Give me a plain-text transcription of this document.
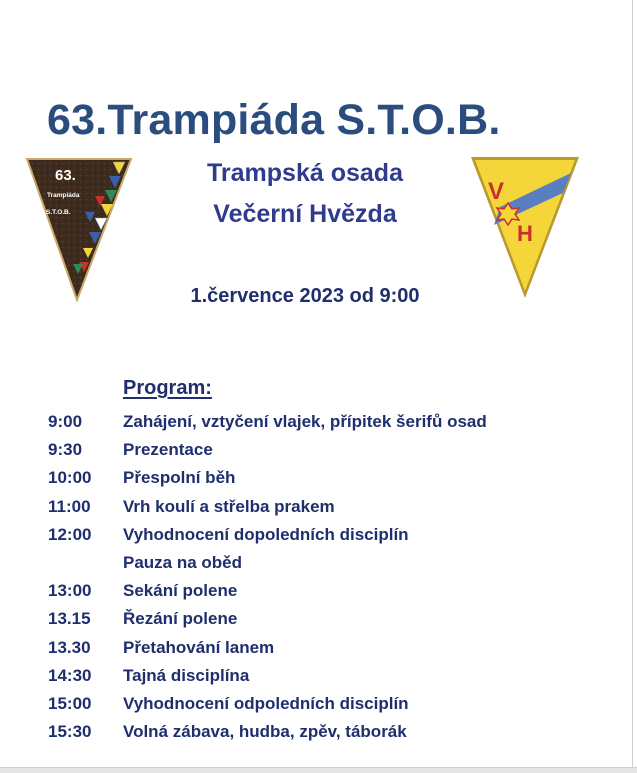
63.Trampiáda S.T.O.B.
63.
Trampiáda
S.T.O.B.
Trampská osada
Večerní Hvězda
V
H
1.července 2023 od 9:00
Program:
9:00	Zahájení, vztyčení vlajek, přípitek šerifů osad
9:30	Prezentace
10:00	Přespolní běh
11:00	Vrh koulí a střelba prakem
12:00	Vyhodnocení dopoledních disciplín
Pauza na oběd
13:00	Sekání polene
13.15	Řezání polene
13.30	Přetahování lanem
14:30	Tajná disciplína
15:00	Vyhodnocení odpoledních disciplín
15:30	Volná zábava, hudba, zpěv, táborák
